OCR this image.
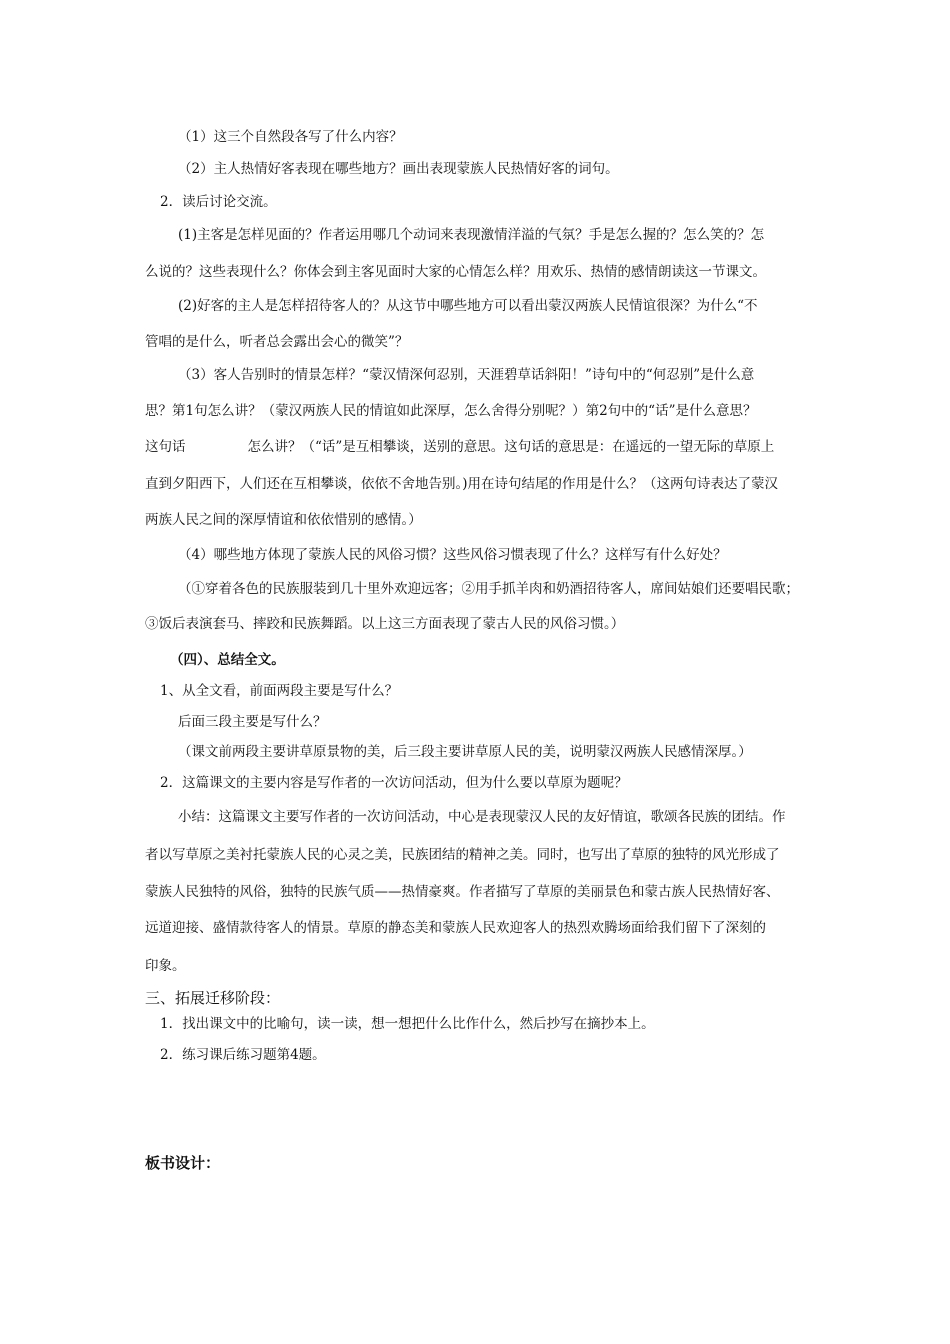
（1）这三个自然段各写了什么内容？

（2）主人热情好客表现在哪些地方？画出表现蒙族人民热情好客的词句。

2．读后讨论交流。

(1)主客是怎样见面的？作者运用哪几个动词来表现激情洋溢的气氛？手是怎么握的？怎么笑的？怎

么说的？这些表现什么？你体会到主客见面时大家的心情怎么样？用欢乐、热情的感情朗读这一节课文。

(2)好客的主人是怎样招待客人的？从这节中哪些地方可以看出蒙汉两族人民情谊很深？为什么“不

管唱的是什么，听者总会露出会心的微笑”？

（3）客人告别时的情景怎样？“蒙汉情深何忍别，天涯碧草话斜阳！”诗句中的“何忍别”是什么意

思？第1句怎么讲？（蒙汉两族人民的情谊如此深厚，怎么舍得分别呢？）第2句中的“话”是什么意思？

这句话	怎么讲？（“话”是互相攀谈，送别的意思。这句话的意思是：在遥远的一望无际的草原上

直到夕阳西下，人们还在互相攀谈，依依不舍地告别。)用在诗句结尾的作用是什么？（这两句诗表达了蒙汉

两族人民之间的深厚情谊和依依惜别的感情。）

（4）哪些地方体现了蒙族人民的风俗习惯？这些风俗习惯表现了什么？这样写有什么好处？

（①穿着各色的民族服装到几十里外欢迎远客；②用手抓羊肉和奶酒招待客人，席间姑娘们还要唱民歌；

③饭后表演套马、摔跤和民族舞蹈。以上这三方面表现了蒙古人民的风俗习惯。）

（四）、总结全文。

1、从全文看，前面两段主要是写什么？

后面三段主要是写什么？

（课文前两段主要讲草原景物的美，后三段主要讲草原人民的美，说明蒙汉两族人民感情深厚。）

2．这篇课文的主要内容是写作者的一次访问活动，但为什么要以草原为题呢？

小结：这篇课文主要写作者的一次访问活动，中心是表现蒙汉人民的友好情谊，歌颂各民族的团结。作

者以写草原之美衬托蒙族人民的心灵之美，民族团结的精神之美。同时，也写出了草原的独特的风光形成了

蒙族人民独特的风俗，独特的民族气质——热情豪爽。作者描写了草原的美丽景色和蒙古族人民热情好客、

远道迎接、盛情款待客人的情景。草原的静态美和蒙族人民欢迎客人的热烈欢腾场面给我们留下了深刻的

印象。

三、拓展迁移阶段：

1．找出课文中的比喻句，读一读，想一想把什么比作什么，然后抄写在摘抄本上。

2．练习课后练习题第4题。

板书设计：
